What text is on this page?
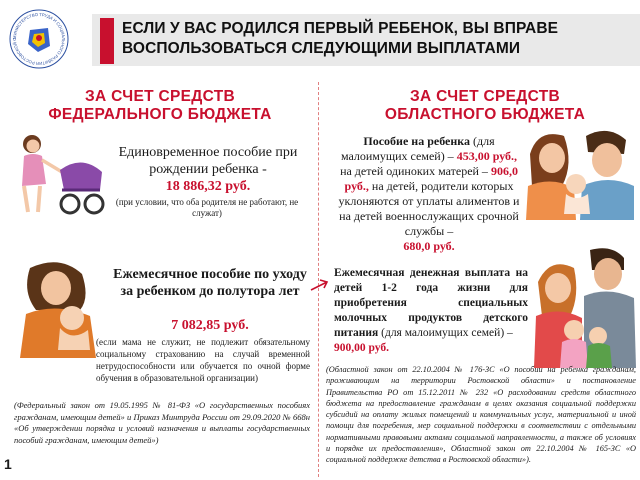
МИНИСТЕРСТВО ТРУДА И СОЦИАЛЬНОГО РАЗВИТИЯ РОСТОВСКОЙ О
ЕСЛИ У ВАС РОДИЛСЯ ПЕРВЫЙ РЕБЕНОК, ВЫ ВПРАВЕ
ВОСПОЛЬЗОВАТЬСЯ СЛЕДУЮЩИМИ ВЫПЛАТАМИ
ЗА СЧЕТ СРЕДСТВ
ФЕДЕРАЛЬНОГО БЮДЖЕТА
ЗА СЧЕТ СРЕДСТВ
ОБЛАСТНОГО БЮДЖЕТА
Единовременное пособие при рождении ребенка -
18 886,32 руб.
(при условии, что оба родителя не работают, не служат)
Ежемесячное пособие по уходу за ребенком до полутора лет
7 082,85 руб.
(если мама не служит, не подлежит обязательному социальному страхованию на случай временной нетрудоспособности или обучается по очной форме обучения в образовательной организации)
(Федеральный закон от 19.05.1995 № 81-ФЗ «О государственных пособиях гражданам, имеющим детей» и Приказ Минтруда России от 29.09.2020 № 668н «Об утверждении порядка и условий назначения и выплаты государственных пособий гражданам, имеющим детей»)
Пособие на ребенка (для малоимущих семей) – 453,00 руб., на детей одиноких матерей – 906,0 руб., на детей, родители которых уклоняются от уплаты алиментов и на детей военнослужащих срочной службы –
680,0 руб.
Ежемесячная денежная выплата на детей 1-2 года жизни для приобретения специальных молочных продуктов детского питания (для малоимущих семей) –
900,00 руб.
(Областной закон от 22.10.2004 № 176-ЗС «О пособии на ребенка гражданам, проживающим на территории Ростовской области» и постановление Правительства РО от 15.12.2011 № 232 «О расходовании средств областного бюджета на предоставление гражданам в целях оказания социальной поддержки субсидий на оплату жилых помещений и коммунальных услуг, материальной и иной помощи для погребения, мер социальной поддержки в соответствии с отдельными нормативными правовыми актами социальной направленности, а также об условиях и порядке их предоставления», Областной закон от 22.10.2004 № 165-ЗС «О социальной поддержке детства в Ростовской области»).
1
